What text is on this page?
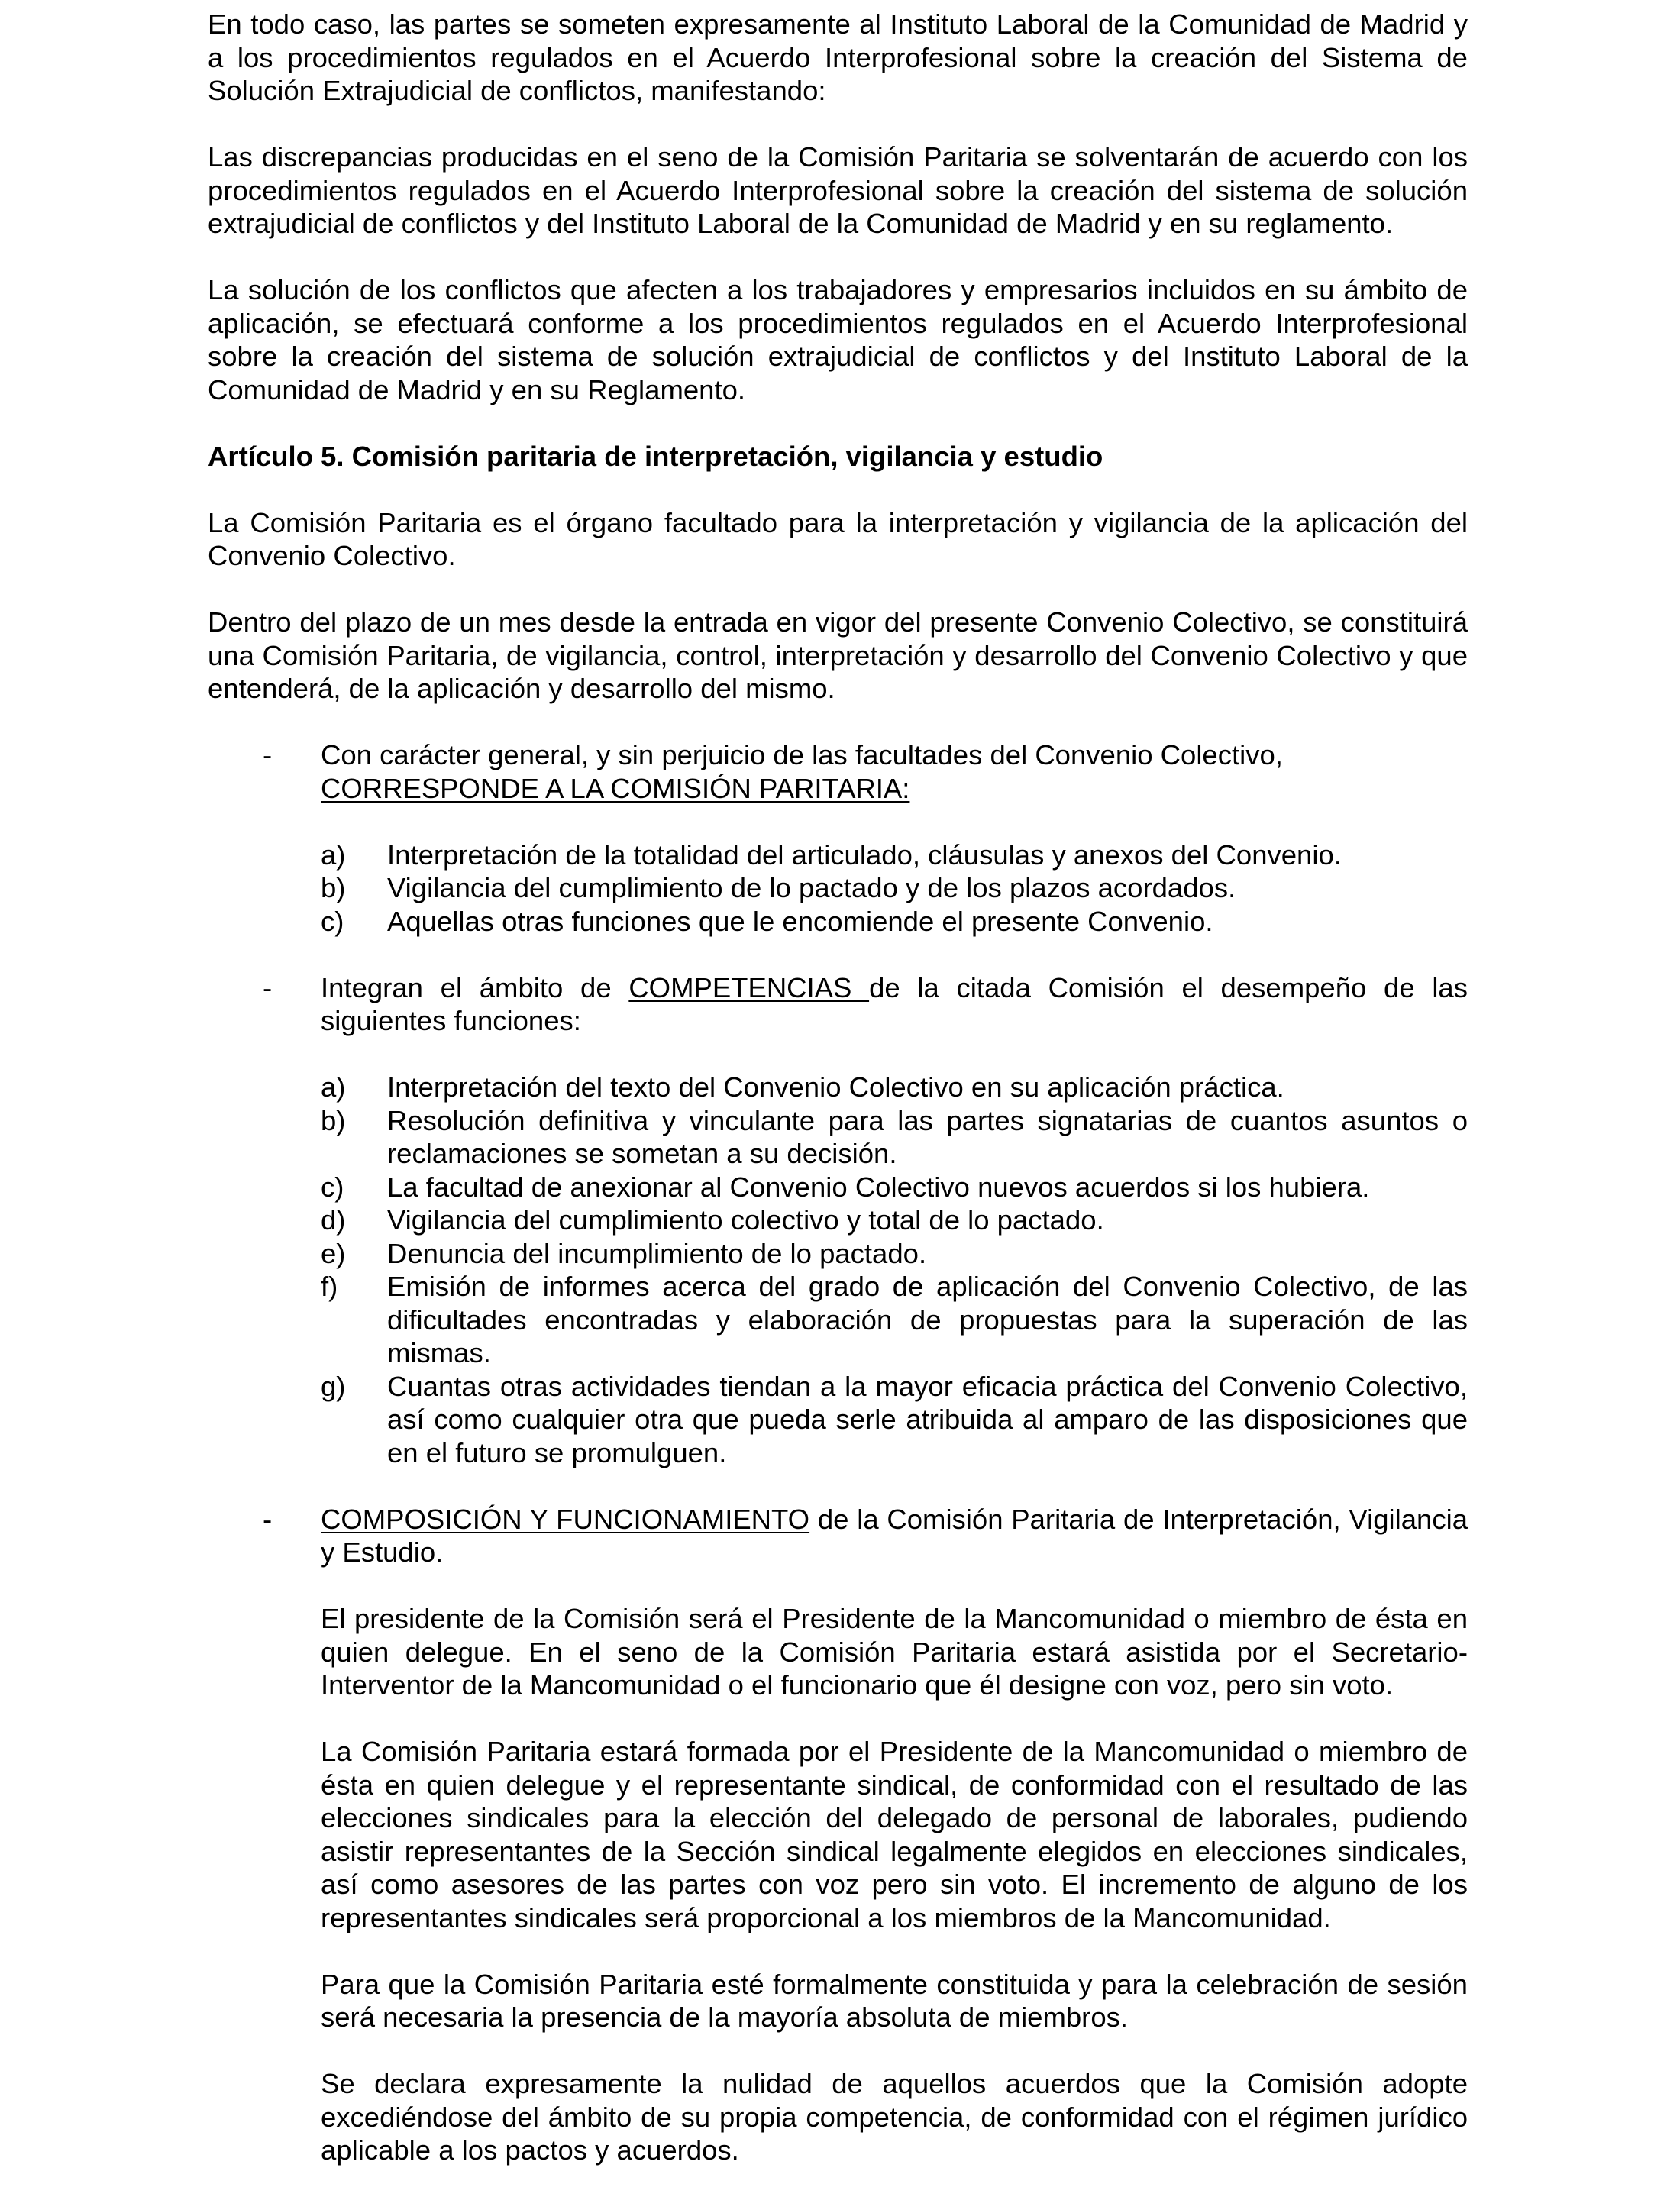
En todo caso, las partes se someten expresamente al Instituto Laboral de la Comunidad de Madrid y a los procedimientos regulados en el Acuerdo Interprofesional sobre la creación del Sistema de Solución Extrajudicial de conflictos, manifestando:

Las discrepancias producidas en el seno de la Comisión Paritaria se solventarán de acuerdo con los procedimientos regulados en el Acuerdo Interprofesional sobre la creación del sistema de solución extrajudicial de conflictos y del Instituto Laboral de la Comunidad de Madrid y en su reglamento.

La solución de los conflictos que afecten a los trabajadores y empresarios incluidos en su ámbito de aplicación, se efectuará conforme a los procedimientos regulados en el Acuerdo Interprofesional sobre la creación del sistema de solución extrajudicial de conflictos y del Instituto Laboral de la Comunidad de Madrid y en su Reglamento.

Artículo 5. Comisión paritaria de interpretación, vigilancia y estudio

La Comisión Paritaria es el órgano facultado para la interpretación y vigilancia de la aplicación del Convenio Colectivo.

Dentro del plazo de un mes desde la entrada en vigor del presente Convenio Colectivo, se constituirá una Comisión Paritaria, de vigilancia, control, interpretación y desarrollo del Convenio Colectivo y que entenderá, de la aplicación y desarrollo del mismo.

- Con carácter general, y sin perjuicio de las facultades del Convenio Colectivo,
CORRESPONDE A LA COMISIÓN PARITARIA:

a) Interpretación de la totalidad del articulado, cláusulas y anexos del Convenio.
b) Vigilancia del cumplimiento de lo pactado y de los plazos acordados.
c) Aquellas otras funciones que le encomiende el presente Convenio.
- Integran el ámbito de COMPETENCIAS de la citada Comisión el desempeño de las siguientes funciones:

a) Interpretación del texto del Convenio Colectivo en su aplicación práctica.
b) Resolución definitiva y vinculante para las partes signatarias de cuantos asuntos o reclamaciones se sometan a su decisión.
c) La facultad de anexionar al Convenio Colectivo nuevos acuerdos si los hubiera.
d) Vigilancia del cumplimiento colectivo y total de lo pactado.
e) Denuncia del incumplimiento de lo pactado.
f) Emisión de informes acerca del grado de aplicación del Convenio Colectivo, de las dificultades encontradas y elaboración de propuestas para la superación de las mismas.
g) Cuantas otras actividades tiendan a la mayor eficacia práctica del Convenio Colectivo, así como cualquier otra que pueda serle atribuida al amparo de las disposiciones que en el futuro se promulguen.
- COMPOSICIÓN Y FUNCIONAMIENTO de la Comisión Paritaria de Interpretación, Vigilancia y Estudio.

El presidente de la Comisión será el Presidente de la Mancomunidad o miembro de ésta en quien delegue. En el seno de la Comisión Paritaria estará asistida por el Secretario-Interventor de la Mancomunidad o el funcionario que él designe con voz, pero sin voto.

La Comisión Paritaria estará formada por el Presidente de la Mancomunidad o miembro de ésta en quien delegue y el representante sindical, de conformidad con el resultado de las elecciones sindicales para la elección del delegado de personal de laborales, pudiendo asistir representantes de la Sección sindical legalmente elegidos en elecciones sindicales, así como asesores de las partes con voz pero sin voto. El incremento de alguno de los representantes sindicales será proporcional a los miembros de la Mancomunidad.

Para que la Comisión Paritaria esté formalmente constituida y para la celebración de sesión será necesaria la presencia de la mayoría absoluta de miembros.

Se declara expresamente la nulidad de aquellos acuerdos que la Comisión adopte excediéndose del ámbito de su propia competencia, de conformidad con el régimen jurídico aplicable a los pactos y acuerdos.
